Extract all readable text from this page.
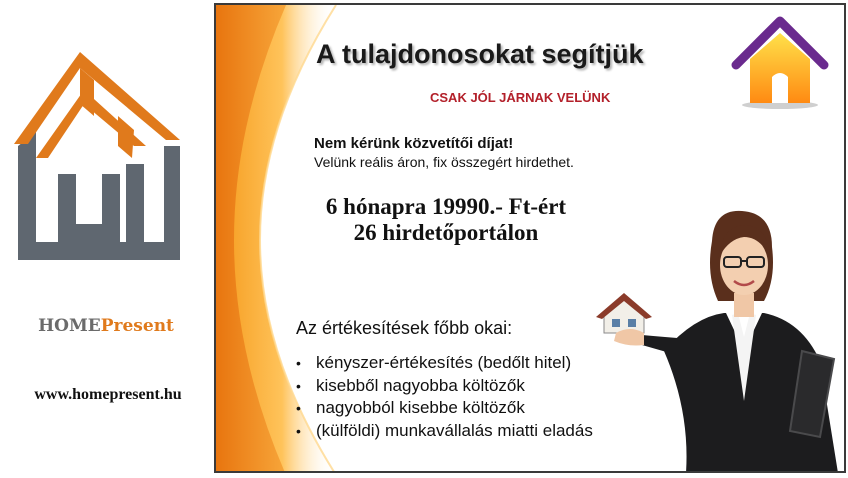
HOMEPresent
www.homepresent.hu
A tulajdonosokat segítjük
CSAK JÓL JÁRNAK VELÜNK
Nem kérünk közvetítői díjat!
Velünk reális áron, fix összegért hirdethet.
6 hónapra 19990.- Ft-ért
26 hirdetőportálon
Az értékesítések főbb okai:
• kényszer-értékesítés (bedőlt hitel)
• kisebből nagyobba költözők
• nagyobból kisebbe költözők
• (külföldi) munkavállalás miatti eladás
